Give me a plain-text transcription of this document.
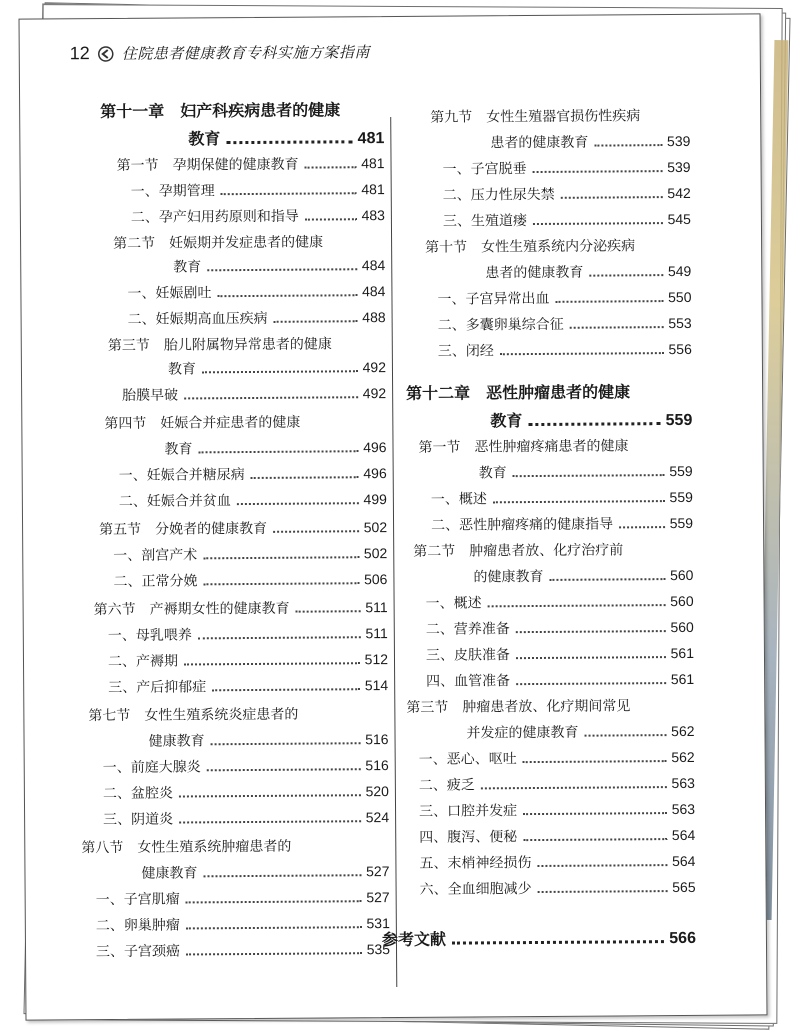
12 住院患者健康教育专科实施方案指南
第十一章　妇产科疾病患者的健康
教育	481
第一节　孕期保健的健康教育	481
一、孕期管理	481
二、孕产妇用药原则和指导	483
第二节　妊娠期并发症患者的健康
教育	484
一、妊娠剧吐	484
二、妊娠期高血压疾病	488
第三节　胎儿附属物异常患者的健康
教育	492
胎膜早破	492
第四节　妊娠合并症患者的健康
教育	496
一、妊娠合并糖尿病	496
二、妊娠合并贫血	499
第五节　分娩者的健康教育	502
一、剖宫产术	502
二、正常分娩	506
第六节　产褥期女性的健康教育	511
一、母乳喂养	511
二、产褥期	512
三、产后抑郁症	514
第七节　女性生殖系统炎症患者的
健康教育	516
一、前庭大腺炎	516
二、盆腔炎	520
三、阴道炎	524
第八节　女性生殖系统肿瘤患者的
健康教育	527
一、子宫肌瘤	527
二、卵巢肿瘤	531
三、子宫颈癌	535
第九节　女性生殖器官损伤性疾病
患者的健康教育	539
一、子宫脱垂	539
二、压力性尿失禁	542
三、生殖道瘘	545
第十节　女性生殖系统内分泌疾病
患者的健康教育	549
一、子宫异常出血	550
二、多囊卵巢综合征	553
三、闭经	556
第十二章　恶性肿瘤患者的健康
教育	559
第一节　恶性肿瘤疼痛患者的健康
教育	559
一、概述	559
二、恶性肿瘤疼痛的健康指导	559
第二节　肿瘤患者放、化疗治疗前
的健康教育	560
一、概述	560
二、营养准备	560
三、皮肤准备	561
四、血管准备	561
第三节　肿瘤患者放、化疗期间常见
并发症的健康教育	562
一、恶心、呕吐	562
二、疲乏	563
三、口腔并发症	563
四、腹泻、便秘	564
五、末梢神经损伤	564
六、全血细胞减少	565
参考文献	566
